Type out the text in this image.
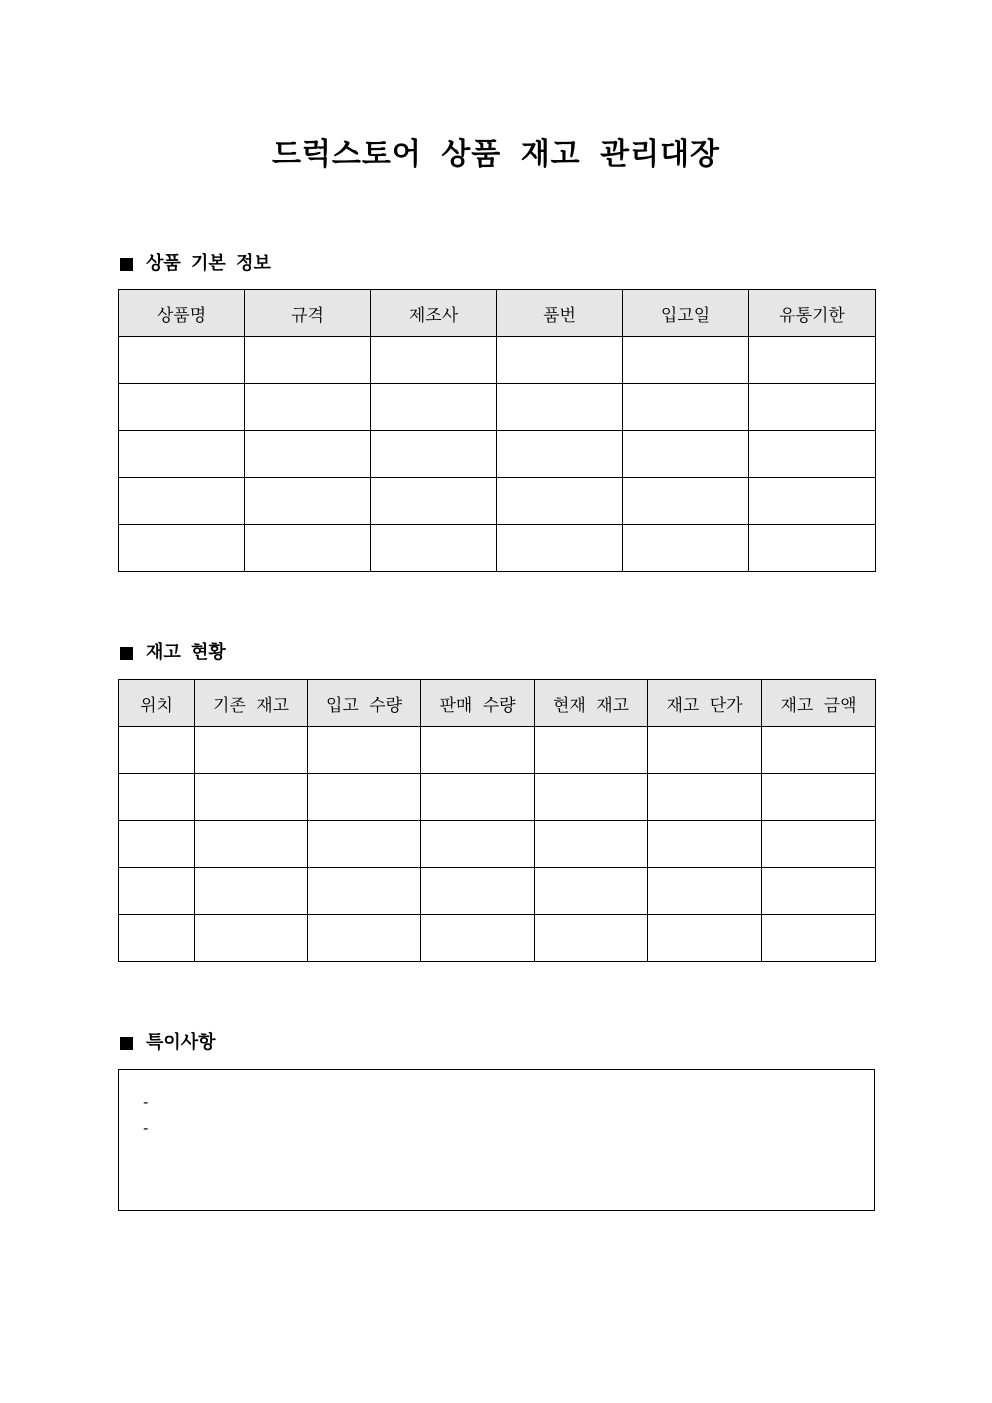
드럭스토어 상품 재고 관리대장
상품 기본 정보
상품명	규격	제조사	품번	입고일	유통기한

재고 현황
위치	기존 재고	입고 수량	판매 수량	현재 재고	재고 단가	재고 금액

특이사항
-
-
